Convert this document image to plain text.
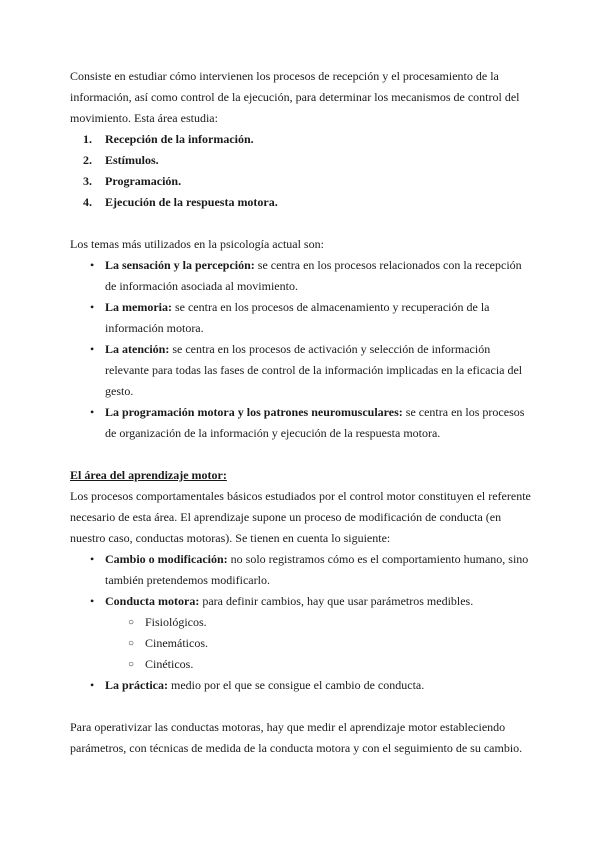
Consiste en estudiar cómo intervienen los procesos de recepción y el procesamiento de la información, así como control de la ejecución, para determinar los mecanismos de control del movimiento. Esta área estudia:

1.	Recepción de la información.
2.	Estímulos.
3.	Programación.
4.	Ejecución de la respuesta motora.

Los temas más utilizados en la psicología actual son:

• La sensación y la percepción: se centra en los procesos relacionados con la recepción de información asociada al movimiento.
• La memoria: se centra en los procesos de almacenamiento y recuperación de la información motora.
• La atención: se centra en los procesos de activación y selección de información relevante para todas las fases de control de la información implicadas en la eficacia del gesto.
• La programación motora y los patrones neuromusculares: se centra en los procesos de organización de la información y ejecución de la respuesta motora.
El área del aprendizaje motor:

Los procesos comportamentales básicos estudiados por el control motor constituyen el referente necesario de esta área. El aprendizaje supone un proceso de modificación de conducta (en nuestro caso, conductas motoras). Se tienen en cuenta lo siguiente:

• Cambio o modificación: no solo registramos cómo es el comportamiento humano, sino también pretendemos modificarlo.
• Conducta motora: para definir cambios, hay que usar parámetros medibles.
○ Fisiológicos.
○ Cinemáticos.
○ Cinéticos.
• La práctica: medio por el que se consigue el cambio de conducta.

Para operativizar las conductas motoras, hay que medir el aprendizaje motor estableciendo parámetros, con técnicas de medida de la conducta motora y con el seguimiento de su cambio.
